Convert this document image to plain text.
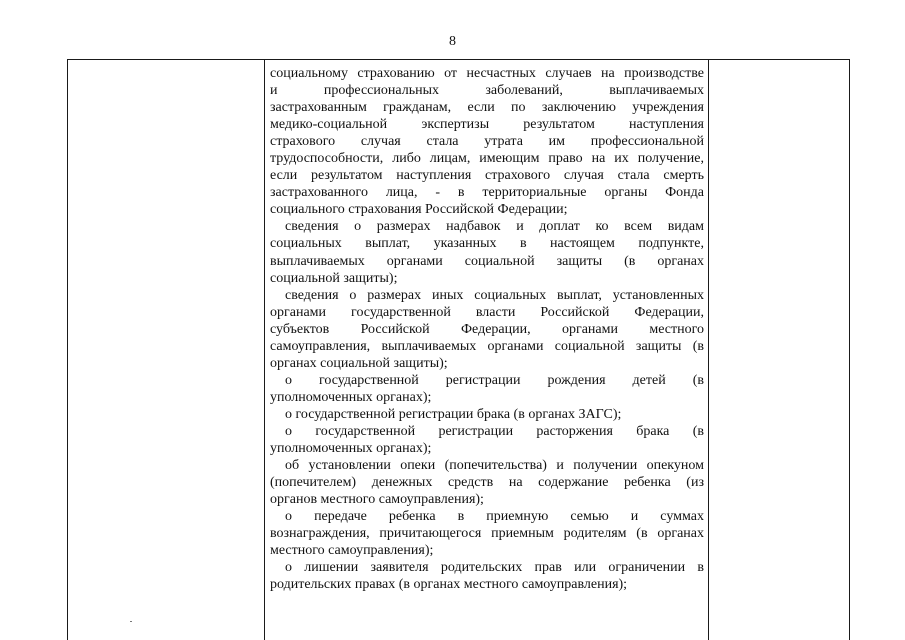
8
социальному страхованию от несчастных случаев на производстве
и профессиональных заболеваний, выплачиваемых
застрахованным гражданам, если по заключению учреждения
медико-социальной экспертизы результатом наступления
страхового случая стала утрата им профессиональной
трудоспособности, либо лицам, имеющим право на их получение,
если результатом наступления страхового случая стала смерть
застрахованного лица, - в территориальные органы Фонда
социального страхования Российской Федерации;
сведения о размерах надбавок и доплат ко всем видам
социальных выплат, указанных в настоящем подпункте,
выплачиваемых органами социальной защиты (в органах
социальной защиты);
сведения о размерах иных социальных выплат, установленных
органами государственной власти Российской Федерации,
субъектов Российской Федерации, органами местного
самоуправления, выплачиваемых органами социальной защиты (в
органах социальной защиты);
о государственной регистрации рождения детей (в
уполномоченных органах);
о государственной регистрации брака (в органах ЗАГС);
о государственной регистрации расторжения брака (в
уполномоченных органах);
об установлении опеки (попечительства) и получении опекуном
(попечителем) денежных средств на содержание ребенка (из
органов местного самоуправления);
о передаче ребенка в приемную семью и суммах
вознаграждения, причитающегося приемным родителям (в органах
местного самоуправления);
о лишении заявителя родительских прав или ограничении в
родительских правах (в органах местного самоуправления);
